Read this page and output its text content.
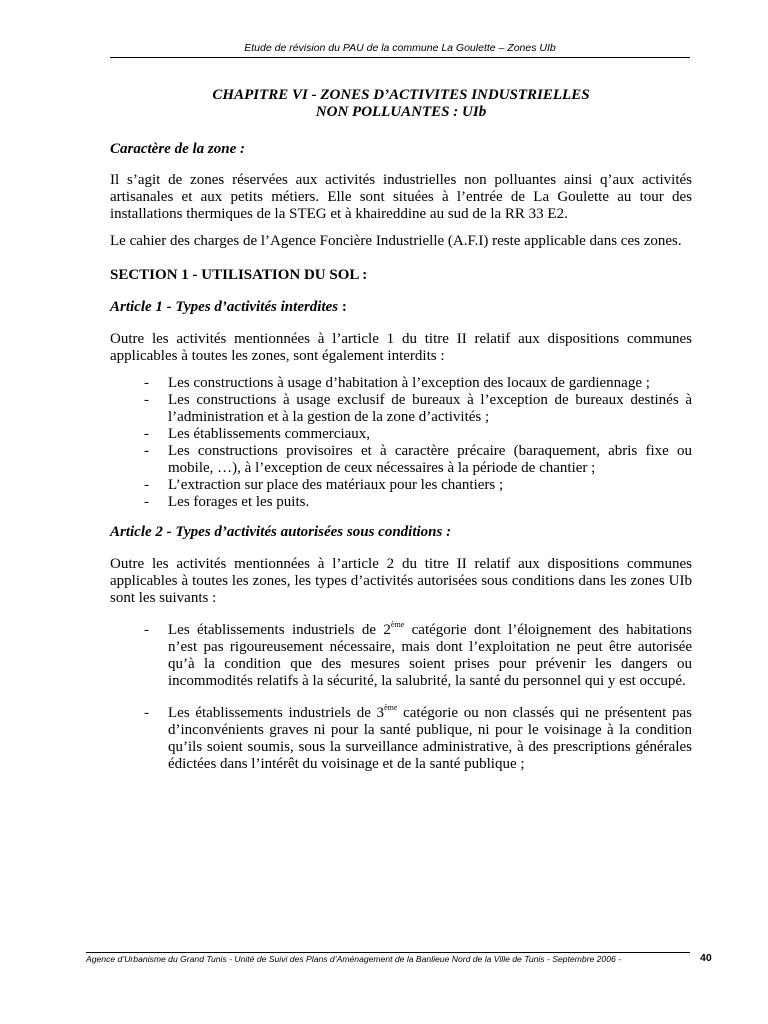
Etude de révision du PAU de la commune La Goulette – Zones UIb
CHAPITRE VI - ZONES D’ACTIVITES INDUSTRIELLES
NON POLLUANTES : UIb
Caractère de la zone :

Il s’agit de zones réservées aux activités industrielles non polluantes ainsi q’aux activités artisanales et aux petits métiers. Elle sont situées à l’entrée de La Goulette au tour des installations thermiques de la STEG et à khaireddine au sud de la RR 33 E2.

Le cahier des charges de l’Agence Foncière Industrielle (A.F.I) reste applicable dans ces zones.

SECTION 1 - UTILISATION DU SOL :
Article 1 - Types d’activités interdites :

Outre les activités mentionnées à l’article 1 du titre II relatif aux dispositions communes applicables à toutes les zones, sont également interdits :

- Les constructions à usage d’habitation à l’exception des locaux de gardiennage ;
- Les constructions à usage exclusif de bureaux à l’exception de bureaux destinés à l’administration et à la gestion de la zone d’activités ;
- Les établissements commerciaux,
- Les constructions provisoires et à caractère précaire (baraquement, abris fixe ou mobile, …), à l’exception de ceux nécessaires à la période de chantier ;
- L’extraction sur place des matériaux pour les chantiers ;
- Les forages et les puits.
Article 2 - Types d’activités autorisées sous conditions :

Outre les activités mentionnées à l’article 2 du titre II relatif aux dispositions communes applicables à toutes les zones, les types d’activités autorisées sous conditions dans les zones UIb sont les suivants :

- Les établissements industriels de 2ème catégorie dont l’éloignement des habitations n’est pas rigoureusement nécessaire, mais dont l’exploitation ne peut être autorisée qu’à la condition que des mesures soient prises pour prévenir les dangers ou incommodités relatifs à la sécurité, la salubrité, la santé du personnel qui y est occupé.
- Les établissements industriels de 3ème catégorie ou non classés qui ne présentent pas d’inconvénients graves ni pour la santé publique, ni pour le voisinage à la condition qu’ils soient soumis, sous la surveillance administrative, à des prescriptions générales édictées dans l’intérêt du voisinage et de la santé publique ;
Agence d’Urbanisme du Grand Tunis - Unité de Suivi des Plans d’Aménagement de la Banlieue Nord de la Ville de Tunis - Septembre 2006 -	40
